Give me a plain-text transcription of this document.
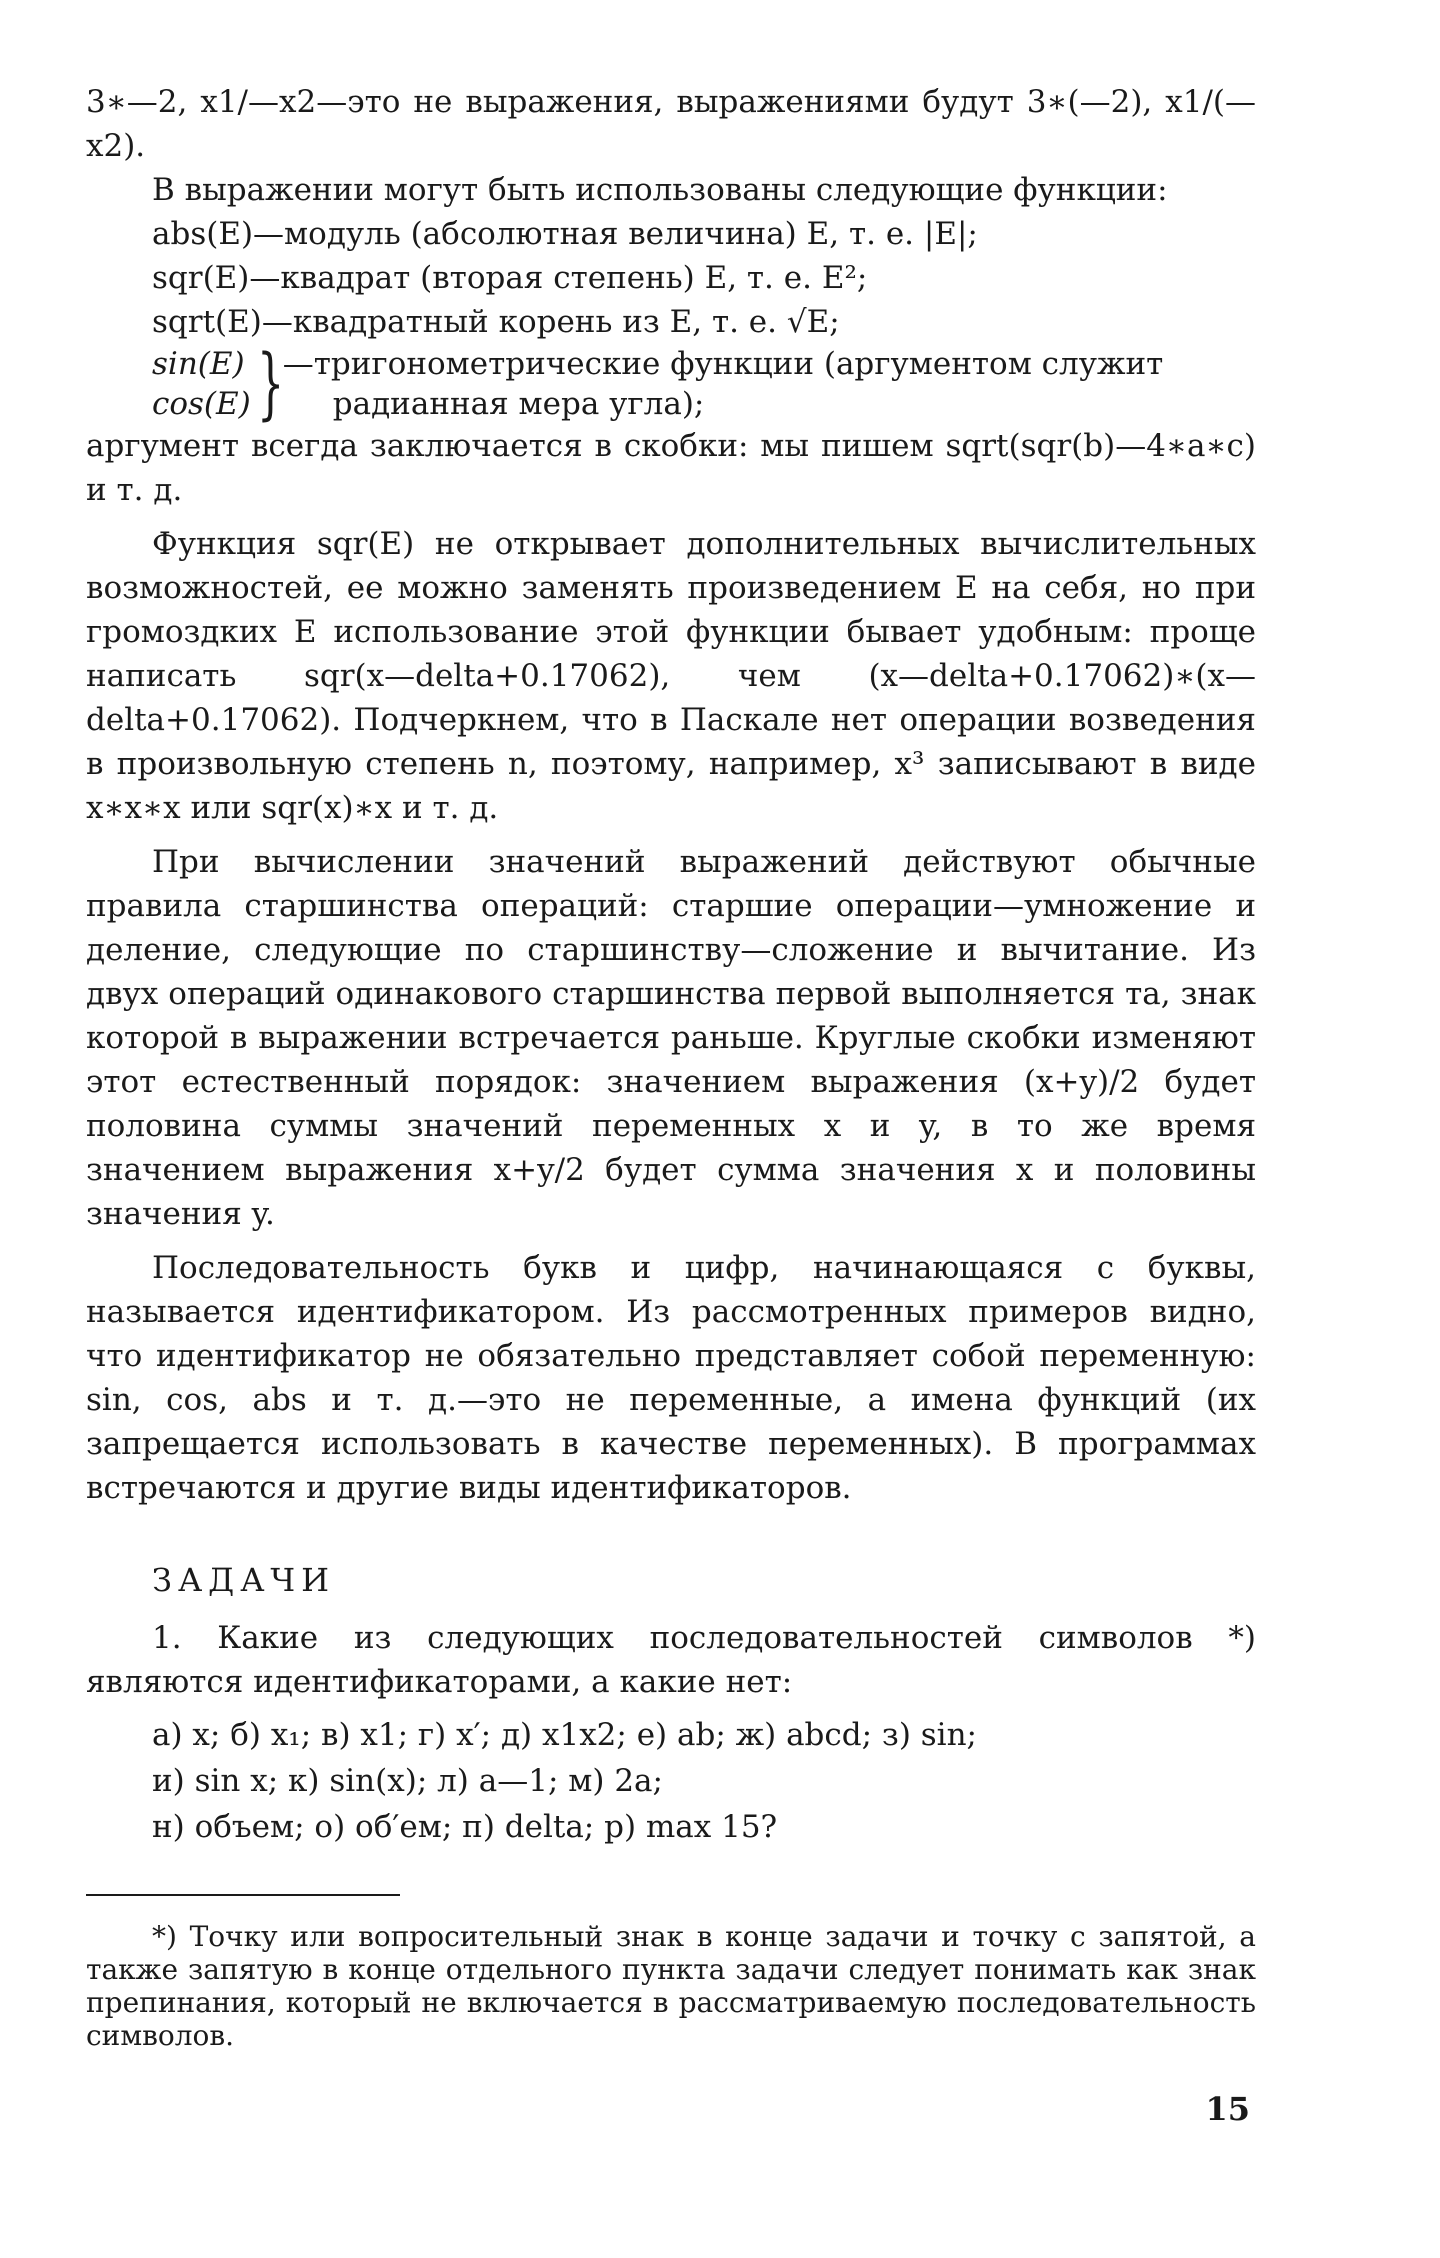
3∗—2, x1/—x2—это не выражения, выражениями будут 3∗(—2), x1/(—x2).

В выражении могут быть использованы следующие функции:

abs(E)—модуль (абсолютная величина) E, т. е. |E|;
sqr(E)—квадрат (вторая степень) E, т. е. E²;
sqrt(E)—квадратный корень из E, т. е. √E;
sin(E)
cos(E) }
—тригонометрические функции (аргументом служит
радианная мера угла);

аргумент всегда заключается в скобки: мы пишем sqrt(sqr(b)—4∗a∗c) и т. д.

Функция sqr(E) не открывает дополнительных вычислительных возможностей, ее можно заменять произведением E на себя, но при громоздких E использование этой функции бывает удобным: проще написать sqr(x—delta+0.17062), чем (x—delta+0.17062)∗(x—delta+0.17062). Подчеркнем, что в Паскале нет операции возведения в произвольную степень n, поэтому, например, x³ записывают в виде x∗x∗x или sqr(x)∗x и т. д.

При вычислении значений выражений действуют обычные правила старшинства операций: старшие операции—умножение и деление, следующие по старшинству—сложение и вычитание. Из двух операций одинакового старшинства первой выполняется та, знак которой в выражении встречается раньше. Круглые скобки изменяют этот естественный порядок: значением выражения (x+y)/2 будет половина суммы значений переменных x и y, в то же время значением выражения x+y/2 будет сумма значения x и половины значения y.

Последовательность букв и цифр, начинающаяся с буквы, называется идентификатором. Из рассмотренных примеров видно, что идентификатор не обязательно представляет собой переменную: sin, cos, abs и т. д.—это не переменные, а имена функций (их запрещается использовать в качестве переменных). В программах встречаются и другие виды идентификаторов.

ЗАДАЧИ

1. Какие из следующих последовательностей символов *) являются идентификаторами, а какие нет:

а) x; б) x₁; в) x1; г) x′; д) x1x2; е) ab; ж) abcd; з) sin;
и) sin x; к) sin(x); л) a—1; м) 2a;
н) объем; о) об′ем; п) delta; р) max 15?

*) Точку или вопросительный знак в конце задачи и точку с запятой, а также запятую в конце отдельного пункта задачи следует понимать как знак препинания, который не включается в рассматриваемую последовательность символов.

15
